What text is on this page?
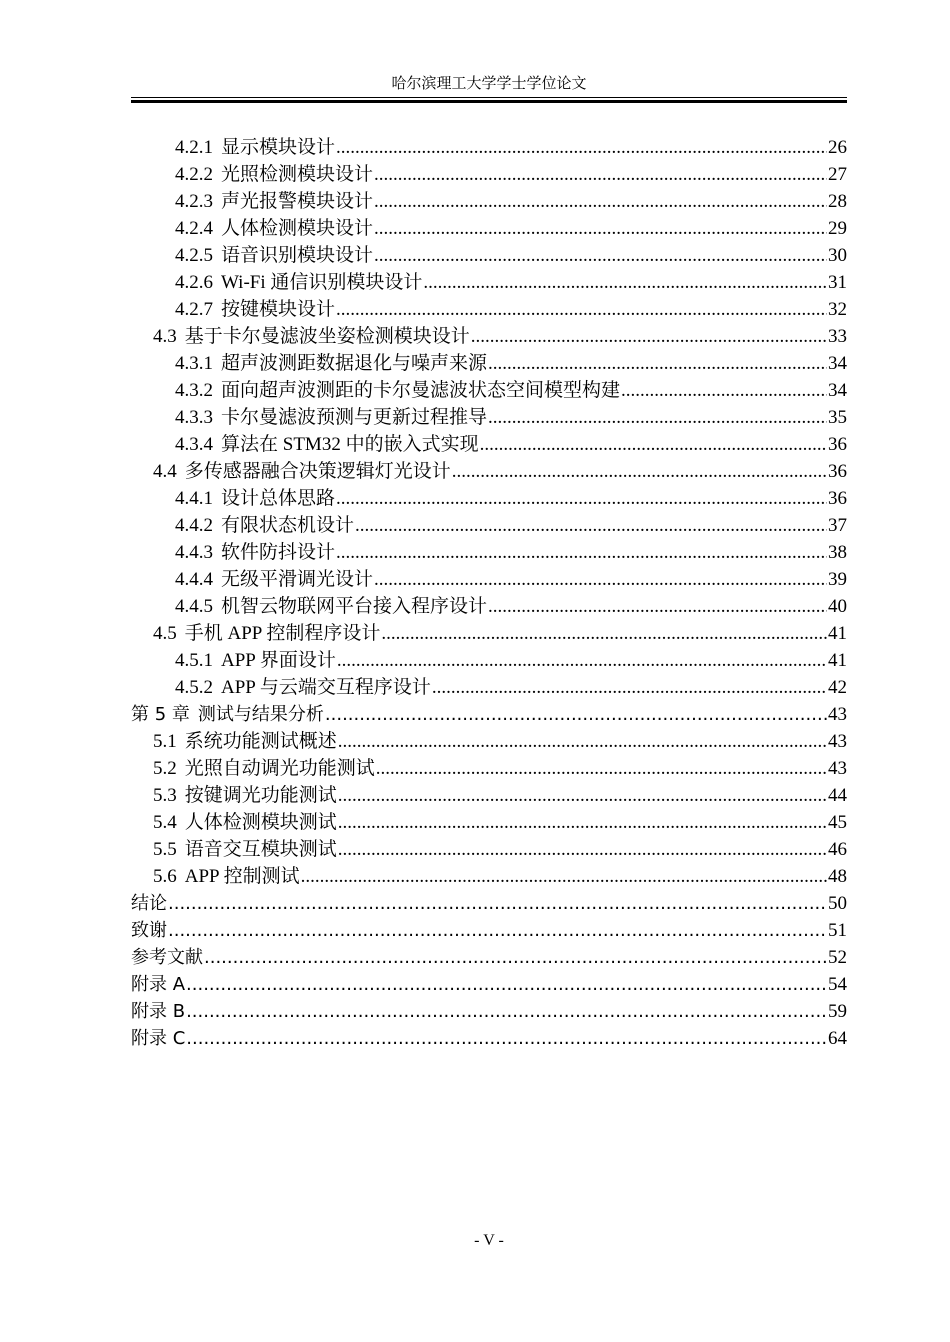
哈尔滨理工大学学士学位论文
4.2.1 显示模块设计 .....	26
4.2.2 光照检测模块设计 .....	27
4.2.3 声光报警模块设计 .....	28
4.2.4 人体检测模块设计 .....	29
4.2.5 语音识别模块设计 .....	30
4.2.6 Wi-Fi 通信识别模块设计 .....	31
4.2.7 按键模块设计 .....	32
4.3 基于卡尔曼滤波坐姿检测模块设计 .....	33
4.3.1 超声波测距数据退化与噪声来源 .....	34
4.3.2 面向超声波测距的卡尔曼滤波状态空间模型构建 .....	34
4.3.3 卡尔曼滤波预测与更新过程推导 .....	35
4.3.4 算法在 STM32 中的嵌入式实现 .....	36
4.4 多传感器融合决策逻辑灯光设计 .....	36
4.4.1 设计总体思路 .....	36
4.4.2 有限状态机设计 .....	37
4.4.3 软件防抖设计 .....	38
4.4.4 无级平滑调光设计 .....	39
4.4.5 机智云物联网平台接入程序设计 .....	40
4.5 手机 APP 控制程序设计 .....	41
4.5.1 APP 界面设计 .....	41
4.5.2 APP 与云端交互程序设计 .....	42
第 5 章 测试与结果分析 .....	43
5.1 系统功能测试概述 .....	43
5.2 光照自动调光功能测试 .....	43
5.3 按键调光功能测试 .....	44
5.4 人体检测模块测试 .....	45
5.5 语音交互模块测试 .....	46
5.6 APP 控制测试 .....	48
结论 .....	50
致谢 .....	51
参考文献 .....	52
附录 A .....	54
附录 B .....	59
附录 C .....	64
- V -
